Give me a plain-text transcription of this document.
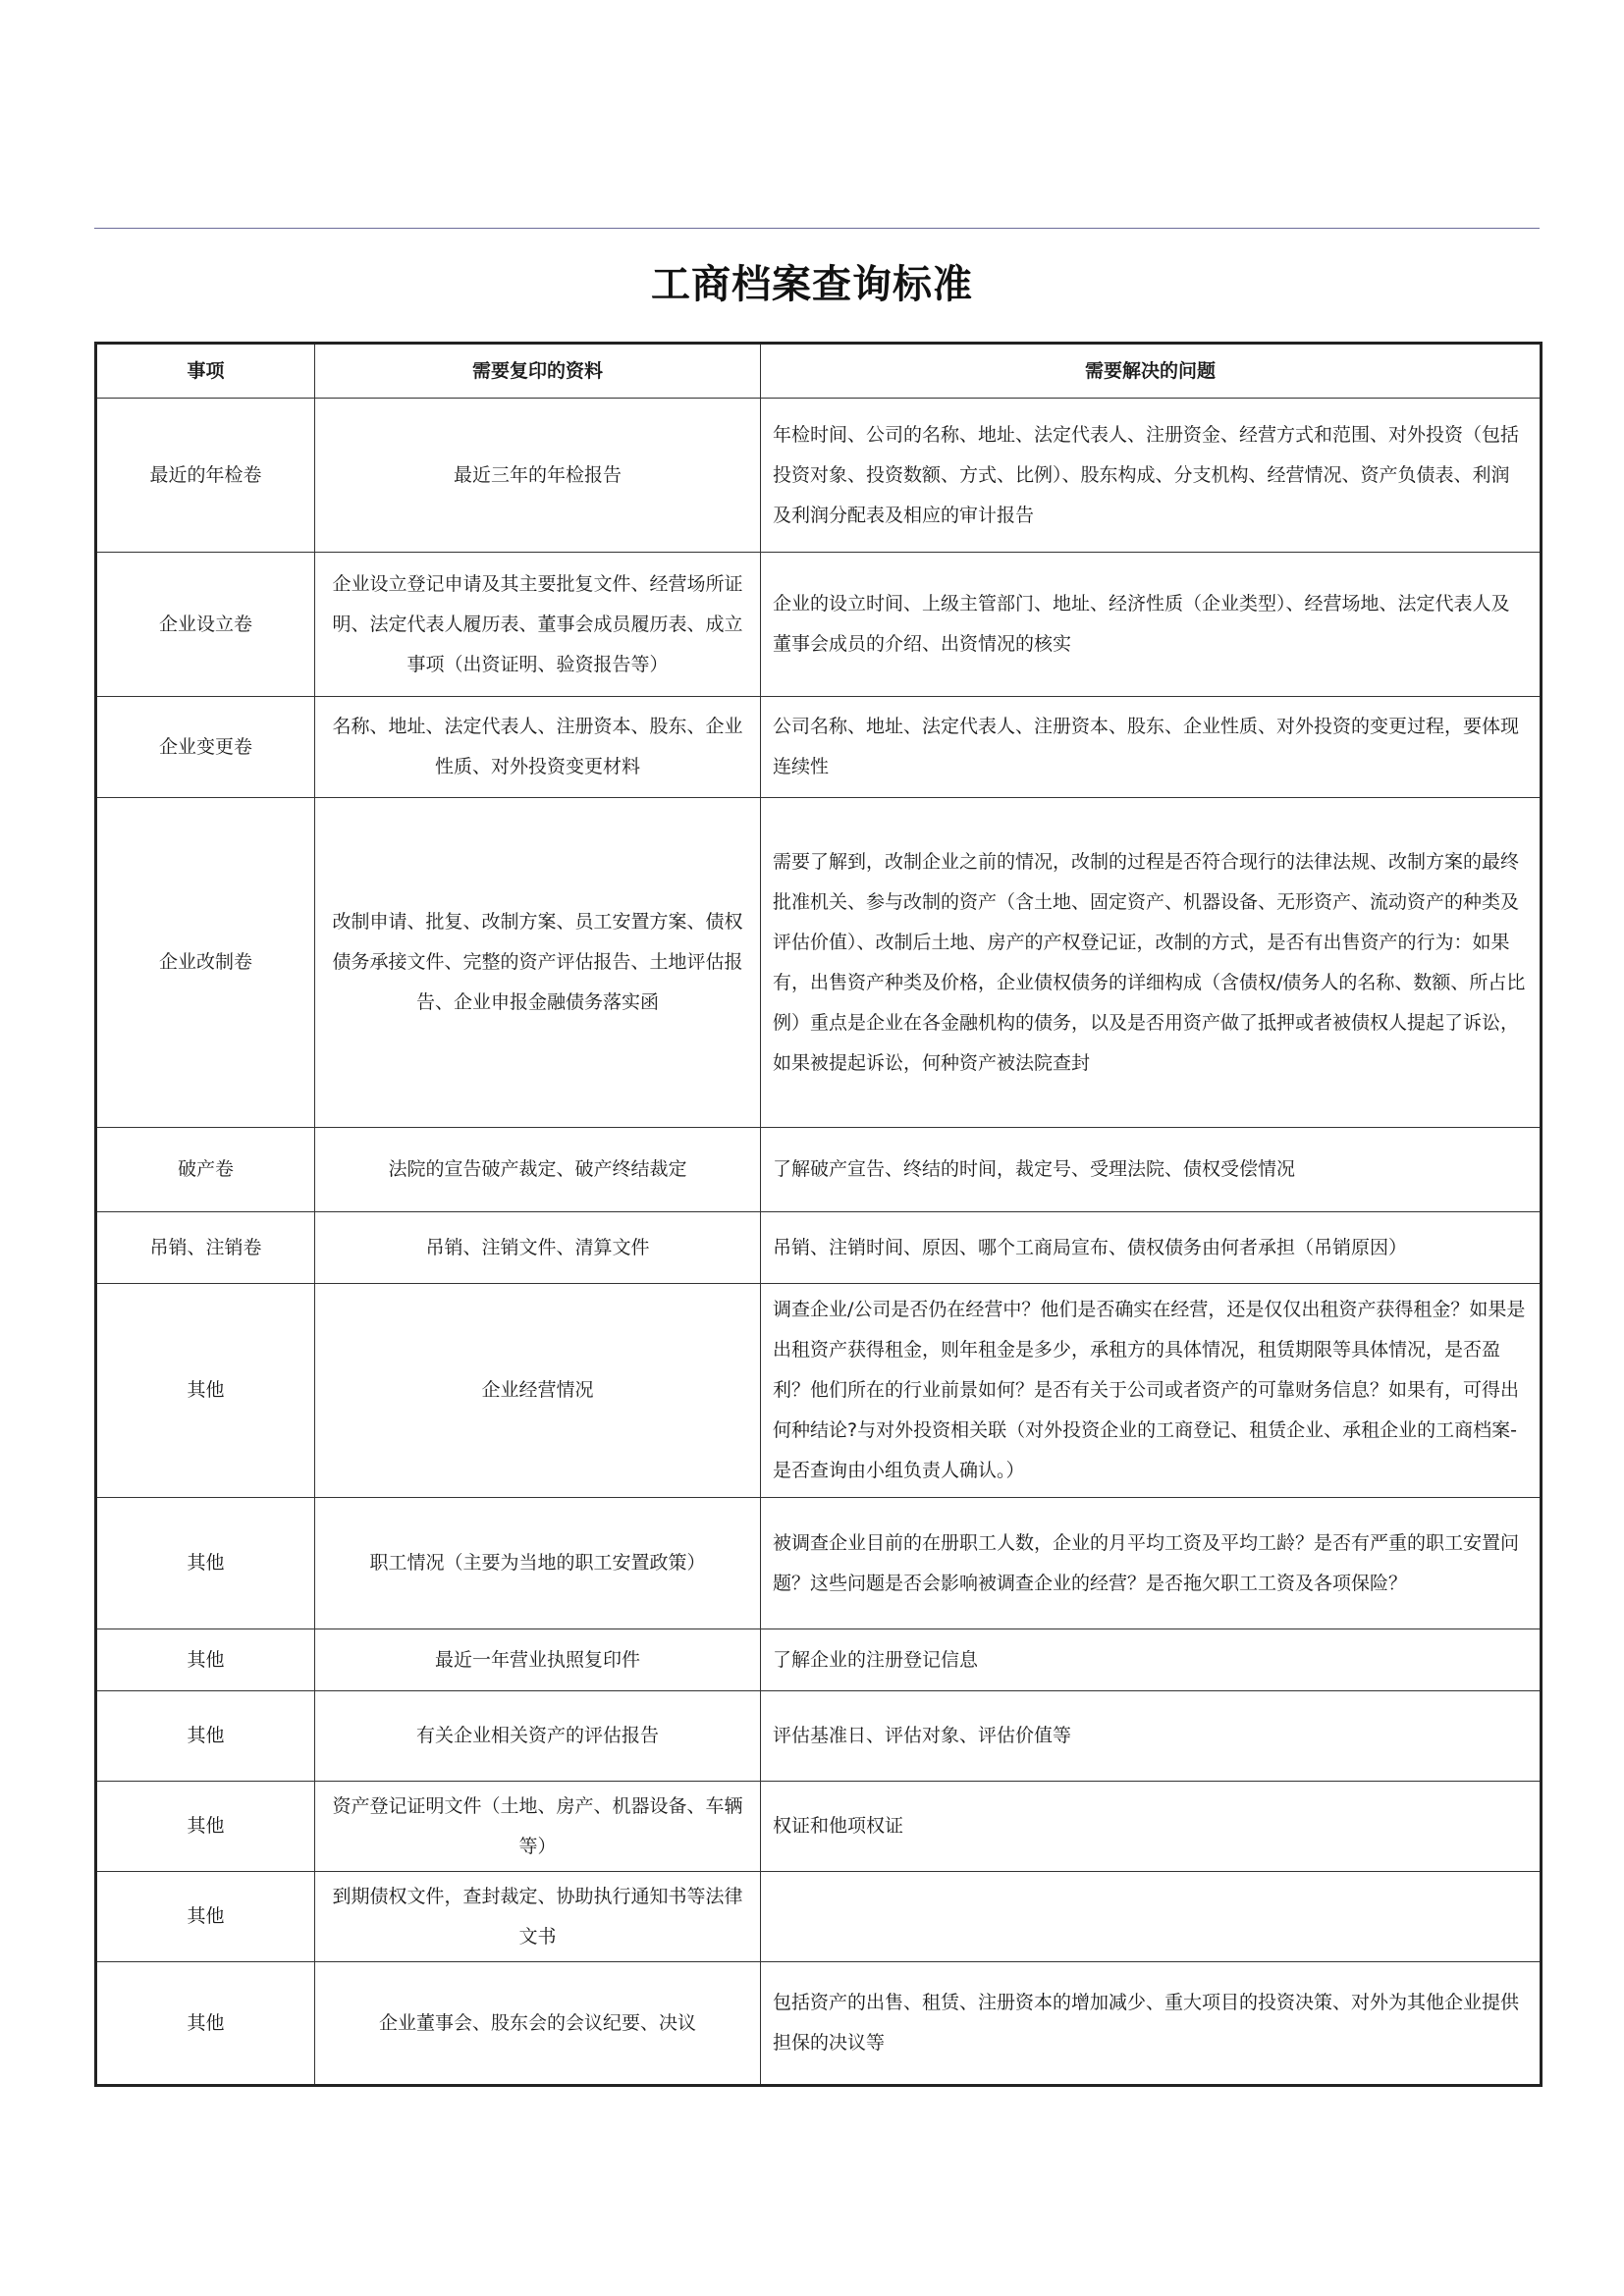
工商档案查询标准
事项	需要复印的资料	需要解决的问题
最近的年检卷	最近三年的年检报告	年检时间、公司的名称、地址、法定代表人、注册资金、经营方式和范围、对外投资（包括投资对象、投资数额、方式、比例）、股东构成、分支机构、经营情况、资产负债表、利润及利润分配表及相应的审计报告
企业设立卷	企业设立登记申请及其主要批复文件、经营场所证明、法定代表人履历表、董事会成员履历表、成立事项（出资证明、验资报告等）	企业的设立时间、上级主管部门、地址、经济性质（企业类型）、经营场地、法定代表人及董事会成员的介绍、出资情况的核实
企业变更卷	名称、地址、法定代表人、注册资本、股东、企业性质、对外投资变更材料	公司名称、地址、法定代表人、注册资本、股东、企业性质、对外投资的变更过程，要体现连续性
企业改制卷	改制申请、批复、改制方案、员工安置方案、债权债务承接文件、完整的资产评估报告、土地评估报告、企业申报金融债务落实函	需要了解到，改制企业之前的情况，改制的过程是否符合现行的法律法规、改制方案的最终批准机关、参与改制的资产（含土地、固定资产、机器设备、无形资产、流动资产的种类及评估价值）、改制后土地、房产的产权登记证，改制的方式，是否有出售资产的行为：如果有，出售资产种类及价格，企业债权债务的详细构成（含债权/债务人的名称、数额、所占比例）重点是企业在各金融机构的债务，以及是否用资产做了抵押或者被债权人提起了诉讼，如果被提起诉讼，何种资产被法院查封
破产卷	法院的宣告破产裁定、破产终结裁定	了解破产宣告、终结的时间，裁定号、受理法院、债权受偿情况
吊销、注销卷	吊销、注销文件、清算文件	吊销、注销时间、原因、哪个工商局宣布、债权债务由何者承担（吊销原因）
其他	企业经营情况	调查企业/公司是否仍在经营中？他们是否确实在经营，还是仅仅出租资产获得租金？如果是出租资产获得租金，则年租金是多少，承租方的具体情况，租赁期限等具体情况，是否盈利？他们所在的行业前景如何？是否有关于公司或者资产的可靠财务信息？如果有，可得出何种结论?与对外投资相关联（对外投资企业的工商登记、租赁企业、承租企业的工商档案-是否查询由小组负责人确认。）
其他	职工情况（主要为当地的职工安置政策）	被调查企业目前的在册职工人数，企业的月平均工资及平均工龄？是否有严重的职工安置问题？这些问题是否会影响被调查企业的经营？是否拖欠职工工资及各项保险？
其他	最近一年营业执照复印件	了解企业的注册登记信息
其他	有关企业相关资产的评估报告	评估基准日、评估对象、评估价值等
其他	资产登记证明文件（土地、房产、机器设备、车辆等）	权证和他项权证
其他	到期债权文件，查封裁定、协助执行通知书等法律文书	
其他	企业董事会、股东会的会议纪要、决议	包括资产的出售、租赁、注册资本的增加减少、重大项目的投资决策、对外为其他企业提供担保的决议等
